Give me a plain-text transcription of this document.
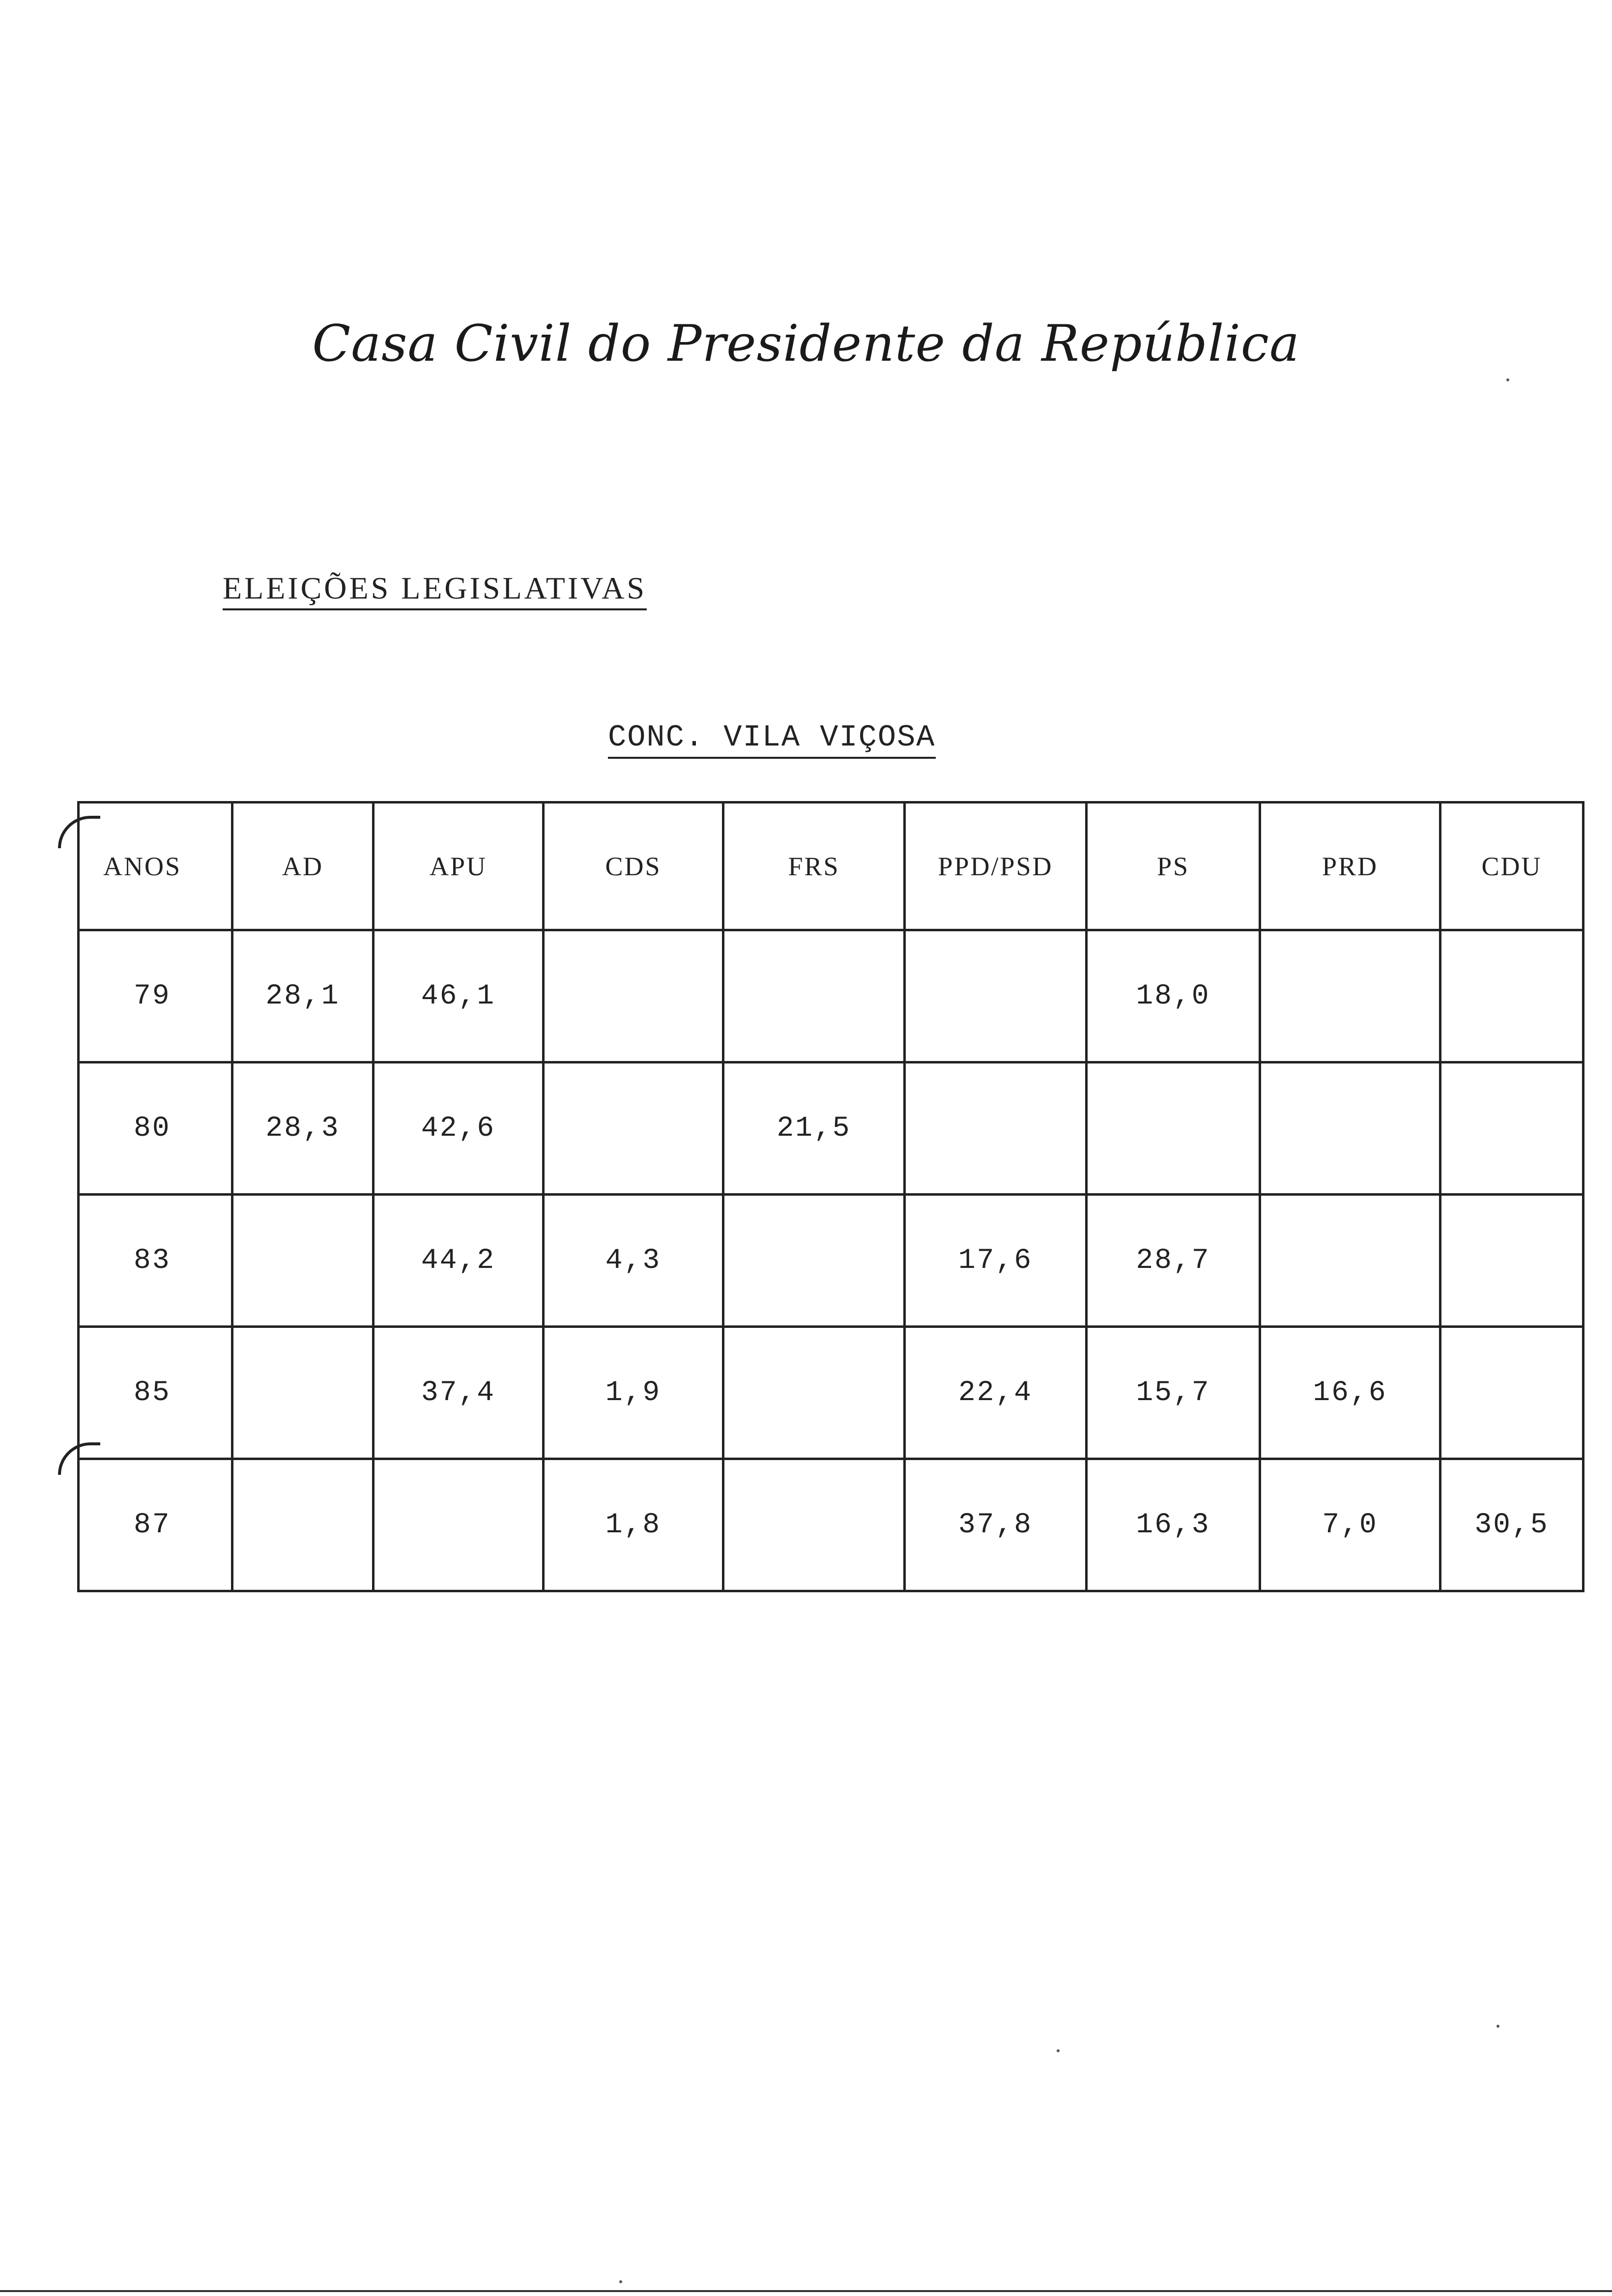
Casa Civil do Presidente da República
ELEIÇÕES LEGISLATIVAS
CONC. VILA VIÇOSA
ANOS	AD	APU	CDS	FRS	PPD/PSD	PS	PRD	CDU
79	28,1	46,1				18,0		
80	28,3	42,6		21,5				
83		44,2	4,3		17,6	28,7		
85		37,4	1,9		22,4	15,7	16,6	
87			1,8		37,8	16,3	7,0	30,5
